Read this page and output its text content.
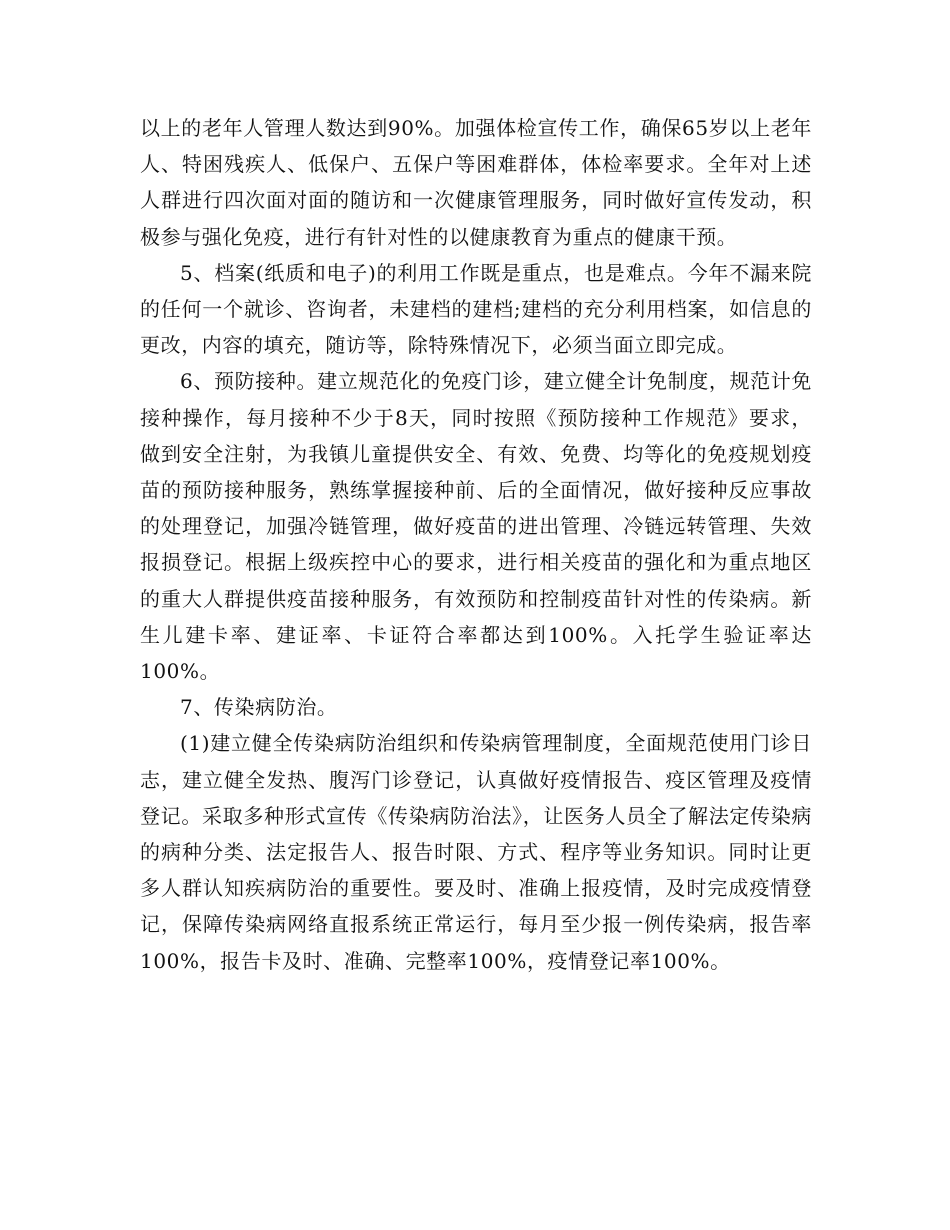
以上的老年人管理人数达到90%。加强体检宣传工作，确保65岁以上老年人、特困残疾人、低保户、五保户等困难群体，体检率要求。全年对上述人群进行四次面对面的随访和一次健康管理服务，同时做好宣传发动，积极参与强化免疫，进行有针对性的以健康教育为重点的健康干预。

5、档案(纸质和电子)的利用工作既是重点，也是难点。今年不漏来院的任何一个就诊、咨询者，未建档的建档;建档的充分利用档案，如信息的更改，内容的填充，随访等，除特殊情况下，必须当面立即完成。

6、预防接种。建立规范化的免疫门诊，建立健全计免制度，规范计免接种操作，每月接种不少于8天，同时按照《预防接种工作规范》要求，做到安全注射，为我镇儿童提供安全、有效、免费、均等化的免疫规划疫苗的预防接种服务，熟练掌握接种前、后的全面情况，做好接种反应事故的处理登记，加强冷链管理，做好疫苗的进出管理、冷链远转管理、失效报损登记。根据上级疾控中心的要求，进行相关疫苗的强化和为重点地区的重大人群提供疫苗接种服务，有效预防和控制疫苗针对性的传染病。新生儿建卡率、建证率、卡证符合率都达到100%。入托学生验证率达100%。

7、传染病防治。

(1)建立健全传染病防治组织和传染病管理制度，全面规范使用门诊日志，建立健全发热、腹泻门诊登记，认真做好疫情报告、疫区管理及疫情登记。采取多种形式宣传《传染病防治法》，让医务人员全了解法定传染病的病种分类、法定报告人、报告时限、方式、程序等业务知识。同时让更多人群认知疾病防治的重要性。要及时、准确上报疫情，及时完成疫情登记，保障传染病网络直报系统正常运行，每月至少报一例传染病，报告率100%，报告卡及时、准确、完整率100%，疫情登记率100%。
